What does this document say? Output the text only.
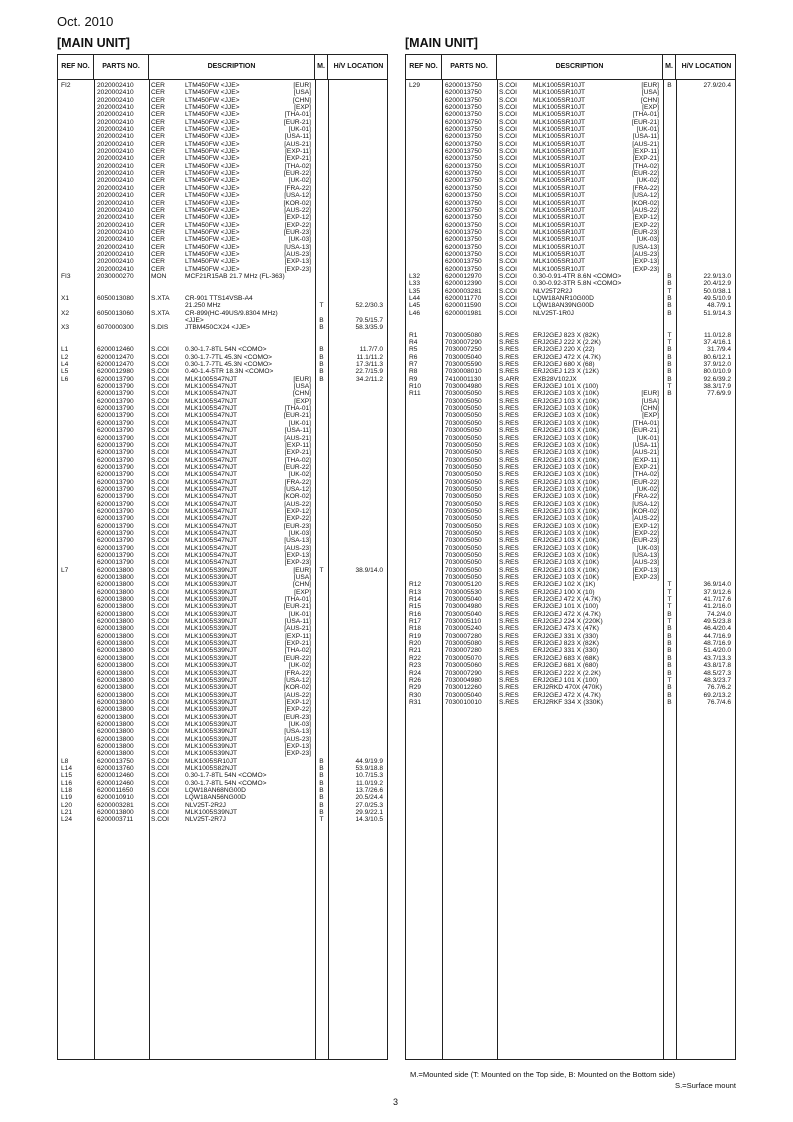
Oct. 2010
[MAIN UNIT]	[MAIN UNIT]
REF NO.	PARTS NO.	DESCRIPTION	M.	H/V LOCATION
FI2	2020002410	CER	LTM450FW <JJE>	[EUR]
2020002410	CER	LTM450FW <JJE>	[USA]
2020002410	CER	LTM450FW <JJE>	[CHN]
2020002410	CER	LTM450FW <JJE>	[EXP]
2020002410	CER	LTM450FW <JJE>	[THA-01]
2020002410	CER	LTM450FW <JJE>	[EUR-21]
2020002410	CER	LTM450FW <JJE>	[UK-01]
2020002410	CER	LTM450FW <JJE>	[USA-11]
2020002410	CER	LTM450FW <JJE>	[AUS-21]
2020002410	CER	LTM450FW <JJE>	[EXP-11]
2020002410	CER	LTM450FW <JJE>	[EXP-21]
2020002410	CER	LTM450FW <JJE>	[THA-02]
2020002410	CER	LTM450FW <JJE>	[EUR-22]
2020002410	CER	LTM450FW <JJE>	[UK-02]
2020002410	CER	LTM450FW <JJE>	[FRA-22]
2020002410	CER	LTM450FW <JJE>	[USA-12]
2020002410	CER	LTM450FW <JJE>	[KOR-02]
2020002410	CER	LTM450FW <JJE>	[AUS-22]
2020002410	CER	LTM450FW <JJE>	[EXP-12]
2020002410	CER	LTM450FW <JJE>	[EXP-22]
2020002410	CER	LTM450FW <JJE>	[EUR-23]
2020002410	CER	LTM450FW <JJE>	[UK-03]
2020002410	CER	LTM450FW <JJE>	[USA-13]
2020002410	CER	LTM450FW <JJE>	[AUS-23]
2020002410	CER	LTM450FW <JJE>	[EXP-13]
2020002410	CER	LTM450FW <JJE>	[EXP-23]
FI3	2030000270	MON	MCF21R15AB 21.7 MHz (FL-363)
X1	6050013080	S.XTA CR-901 TTS14VSB-A4
21.250 MHz	T	52.2/30.3
X2	6050013060	S.XTA CR-899(HC-49US/9.8304 MHz)
<JJE>	B	79.5/15.7
X3	6070000300	S.DIS	JTBM450CX24 <JJE>	B	58.3/35.9
L1	6200012460	S.COI 0.30-1.7-8TL 54N <COMO>	B	11.7/7.0
L2	6200012470	S.COI 0.30-1.7-7TL 45.3N <COMO>	B	11.1/11.2
L4	6200012470	S.COI 0.30-1.7-7TL 45.3N <COMO>	B	17.3/11.3
L5	6200012980	S.COI 0.40-1.4-5TR 18.3N <COMO>	B	22.7/15.9
L6	6200013790	S.COI MLK1005S47NJT	[EUR]	B	34.2/11.2
6200013790	S.COI MLK1005S47NJT	[USA]
6200013790	S.COI MLK1005S47NJT	[CHN]
6200013790	S.COI MLK1005S47NJT	[EXP]
6200013790	S.COI MLK1005S47NJT	[THA-01]
6200013790	S.COI MLK1005S47NJT	[EUR-21]
6200013790	S.COI MLK1005S47NJT	[UK-01]
6200013790	S.COI MLK1005S47NJT	[USA-11]
6200013790	S.COI MLK1005S47NJT	[AUS-21]
6200013790	S.COI MLK1005S47NJT	[EXP-11]
6200013790	S.COI MLK1005S47NJT	[EXP-21]
6200013790	S.COI MLK1005S47NJT	[THA-02]
6200013790	S.COI MLK1005S47NJT	[EUR-22]
6200013790	S.COI MLK1005S47NJT	[UK-02]
6200013790	S.COI MLK1005S47NJT	[FRA-22]
6200013790	S.COI MLK1005S47NJT	[USA-12]
6200013790	S.COI MLK1005S47NJT	[KOR-02]
6200013790	S.COI MLK1005S47NJT	[AUS-22]
6200013790	S.COI MLK1005S47NJT	[EXP-12]
6200013790	S.COI MLK1005S47NJT	[EXP-22]
6200013790	S.COI MLK1005S47NJT	[EUR-23]
6200013790	S.COI MLK1005S47NJT	[UK-03]
6200013790	S.COI MLK1005S47NJT	[USA-13]
6200013790	S.COI MLK1005S47NJT	[AUS-23]
6200013790	S.COI MLK1005S47NJT	[EXP-13]
6200013790	S.COI MLK1005S47NJT	[EXP-23]
L7	6200013800	S.COI MLK1005S39NJT	[EUR]	T	38.9/14.0
6200013800	S.COI MLK1005S39NJT	[USA]
6200013800	S.COI MLK1005S39NJT	[CHN]
6200013800	S.COI MLK1005S39NJT	[EXP]
6200013800	S.COI MLK1005S39NJT	[THA-01]
6200013800	S.COI MLK1005S39NJT	[EUR-21]
6200013800	S.COI MLK1005S39NJT	[UK-01]
6200013800	S.COI MLK1005S39NJT	[USA-11]
6200013800	S.COI MLK1005S39NJT	[AUS-21]
6200013800	S.COI MLK1005S39NJT	[EXP-11]
6200013800	S.COI MLK1005S39NJT	[EXP-21]
6200013800	S.COI MLK1005S39NJT	[THA-02]
6200013800	S.COI MLK1005S39NJT	[EUR-22]
6200013800	S.COI MLK1005S39NJT	[UK-02]
6200013800	S.COI MLK1005S39NJT	[FRA-22]
6200013800	S.COI MLK1005S39NJT	[USA-12]
6200013800	S.COI MLK1005S39NJT	[KOR-02]
6200013800	S.COI MLK1005S39NJT	[AUS-22]
6200013800	S.COI MLK1005S39NJT	[EXP-12]
6200013800	S.COI MLK1005S39NJT	[EXP-22]
6200013800	S.COI MLK1005S39NJT	[EUR-23]
6200013800	S.COI MLK1005S39NJT	[UK-03]
6200013800	S.COI MLK1005S39NJT	[USA-13]
6200013800	S.COI MLK1005S39NJT	[AUS-23]
6200013800	S.COI MLK1005S39NJT	[EXP-13]
6200013800	S.COI MLK1005S39NJT	[EXP-23]
L8	6200013750	S.COI MLK1005SR10JT	B	44.9/19.9
L14	6200013760	S.COI MLK1005S82NJT	B	53.9/18.8
L15	6200012460	S.COI 0.30-1.7-8TL 54N <COMO>	B	10.7/15.3
L16	6200012460	S.COI 0.30-1.7-8TL 54N <COMO>	B	11.0/19.2
L18	6200011650	S.COI LQW18AN68NG00D	B	13.7/26.6
L19	6200010910	S.COI LQW18AN56NG00D	B	20.5/24.4
L20	6200003281	S.COI NLV25T-2R2J	B	27.0/25.3
L21	6200013800	S.COI MLK1005S39NJT	B	29.9/22.1
L24	6200003711	S.COI NLV25T-2R7J	T	14.3/10.5
REF NO.	PARTS NO.	DESCRIPTION	M.	H/V LOCATION
L29	6200013750	S.COI MLK1005SR10JT	[EUR]	B	27.9/20.4
6200013750	S.COI MLK1005SR10JT	[USA]
6200013750	S.COI MLK1005SR10JT	[CHN]
6200013750	S.COI MLK1005SR10JT	[EXP]
6200013750	S.COI MLK1005SR10JT	[THA-01]
6200013750	S.COI MLK1005SR10JT	[EUR-21]
6200013750	S.COI MLK1005SR10JT	[UK-01]
6200013750	S.COI MLK1005SR10JT	[USA-11]
6200013750	S.COI MLK1005SR10JT	[AUS-21]
6200013750	S.COI MLK1005SR10JT	[EXP-11]
6200013750	S.COI MLK1005SR10JT	[EXP-21]
6200013750	S.COI MLK1005SR10JT	[THA-02]
6200013750	S.COI MLK1005SR10JT	[EUR-22]
6200013750	S.COI MLK1005SR10JT	[UK-02]
6200013750	S.COI MLK1005SR10JT	[FRA-22]
6200013750	S.COI MLK1005SR10JT	[USA-12]
6200013750	S.COI MLK1005SR10JT	[KOR-02]
6200013750	S.COI MLK1005SR10JT	[AUS-22]
6200013750	S.COI MLK1005SR10JT	[EXP-12]
6200013750	S.COI MLK1005SR10JT	[EXP-22]
6200013750	S.COI MLK1005SR10JT	[EUR-23]
6200013750	S.COI MLK1005SR10JT	[UK-03]
6200013750	S.COI MLK1005SR10JT	[USA-13]
6200013750	S.COI MLK1005SR10JT	[AUS-23]
6200013750	S.COI MLK1005SR10JT	[EXP-13]
6200013750	S.COI MLK1005SR10JT	[EXP-23]
L32	6200012970	S.COI 0.30-0.91-4TR 8.6N <COMO>	B	22.9/13.0
L33	6200012390	S.COI 0.30-0.92-3TR 5.8N <COMO>	B	20.4/12.9
L35	6200003281	S.COI NLV25T2R2J	T	50.0/38.1
L44	6200011770	S.COI LQW18ANR10G00D	B	49.5/10.9
L45	6200011590	S.COI LQW18AN39NG00D	B	48.7/9.1
L46	6200001981	S.COI NLV25T-1R0J	B	51.9/14.3
R1	7030005080	S.RES ERJ2GEJ 823 X (82K)	T	11.0/12.8
R4	7030007290	S.RES ERJ2GEJ 222 X (2.2K)	T	37.4/16.1
R5	7030007250	S.RES ERJ2GEJ 220 X (22)	B	31.7/9.4
R6	7030005040	S.RES ERJ2GEJ 472 X (4.7K)	B	80.6/12.1
R7	7030005590	S.RES ERJ2GEJ 680 X (68)	B	37.9/12.0
R8	7030008010	S.RES ERJ2GEJ 123 X (12K)	B	80.0/10.9
R9	7410001130	S.ARR EXB28V102JX	B	92.6/39.2
R10	7030004980	S.RES ERJ2GEJ 101 X (100)	T	38.3/17.9
R11	7030005050	S.RES ERJ2GEJ 103 X (10K)	[EUR]	B	77.6/9.9
7030005050	S.RES ERJ2GEJ 103 X (10K)	[USA]
7030005050	S.RES ERJ2GEJ 103 X (10K)	[CHN]
7030005050	S.RES ERJ2GEJ 103 X (10K)	[EXP]
7030005050	S.RES ERJ2GEJ 103 X (10K)	[THA-01]
7030005050	S.RES ERJ2GEJ 103 X (10K)	[EUR-21]
7030005050	S.RES ERJ2GEJ 103 X (10K)	[UK-01]
7030005050	S.RES ERJ2GEJ 103 X (10K)	[USA-11]
7030005050	S.RES ERJ2GEJ 103 X (10K)	[AUS-21]
7030005050	S.RES ERJ2GEJ 103 X (10K)	[EXP-11]
7030005050	S.RES ERJ2GEJ 103 X (10K)	[EXP-21]
7030005050	S.RES ERJ2GEJ 103 X (10K)	[THA-02]
7030005050	S.RES ERJ2GEJ 103 X (10K)	[EUR-22]
7030005050	S.RES ERJ2GEJ 103 X (10K)	[UK-02]
7030005050	S.RES ERJ2GEJ 103 X (10K)	[FRA-22]
7030005050	S.RES ERJ2GEJ 103 X (10K)	[USA-12]
7030005050	S.RES ERJ2GEJ 103 X (10K)	[KOR-02]
7030005050	S.RES ERJ2GEJ 103 X (10K)	[AUS-22]
7030005050	S.RES ERJ2GEJ 103 X (10K)	[EXP-12]
7030005050	S.RES ERJ2GEJ 103 X (10K)	[EXP-22]
7030005050	S.RES ERJ2GEJ 103 X (10K)	[EUR-23]
7030005050	S.RES ERJ2GEJ 103 X (10K)	[UK-03]
7030005050	S.RES ERJ2GEJ 103 X (10K)	[USA-13]
7030005050	S.RES ERJ2GEJ 103 X (10K)	[AUS-23]
7030005050	S.RES ERJ2GEJ 103 X (10K)	[EXP-13]
7030005050	S.RES ERJ2GEJ 103 X (10K)	[EXP-23]
R12	7030005120	S.RES ERJ2GEJ 102 X (1K)	T	36.9/14.0
R13	7030005530	S.RES ERJ2GEJ 100 X (10)	T	37.9/12.6
R14	7030005040	S.RES ERJ2GEJ 472 X (4.7K)	T	41.7/17.6
R15	7030004980	S.RES ERJ2GEJ 101 X (100)	T	41.2/16.0
R16	7030005040	S.RES ERJ2GEJ 472 X (4.7K)	B	74.2/4.0
R17	7030005110	S.RES ERJ2GEJ 224 X (220K)	T	49.5/23.8
R18	7030005240	S.RES ERJ2GEJ 473 X (47K)	B	46.4/20.4
R19	7030007280	S.RES ERJ2GEJ 331 X (330)	B	44.7/16.9
R20	7030005080	S.RES ERJ2GEJ 823 X (82K)	B	48.7/16.9
R21	7030007280	S.RES ERJ2GEJ 331 X (330)	B	51.4/20.0
R22	7030005070	S.RES ERJ2GEJ 683 X (68K)	B	43.7/13.3
R23	7030005060	S.RES ERJ2GEJ 681 X (680)	B	43.8/17.8
R24	7030007290	S.RES ERJ2GEJ 222 X (2.2K)	B	48.5/27.3
R26	7030004980	S.RES ERJ2GEJ 101 X (100)	T	48.3/23.7
R29	7030012260	S.RES ERJ2RKD 470X (470K)	B	76.7/6.2
R30	7030005040	S.RES ERJ2GEJ 472 X (4.7K)	B	69.2/13.2
R31	7030010010	S.RES ERJ2RKF 334 X (330K)	B	76.7/4.6
M.=Mounted side (T: Mounted on the Top side, B: Mounted on the Bottom side)
S.=Surface mount
3
